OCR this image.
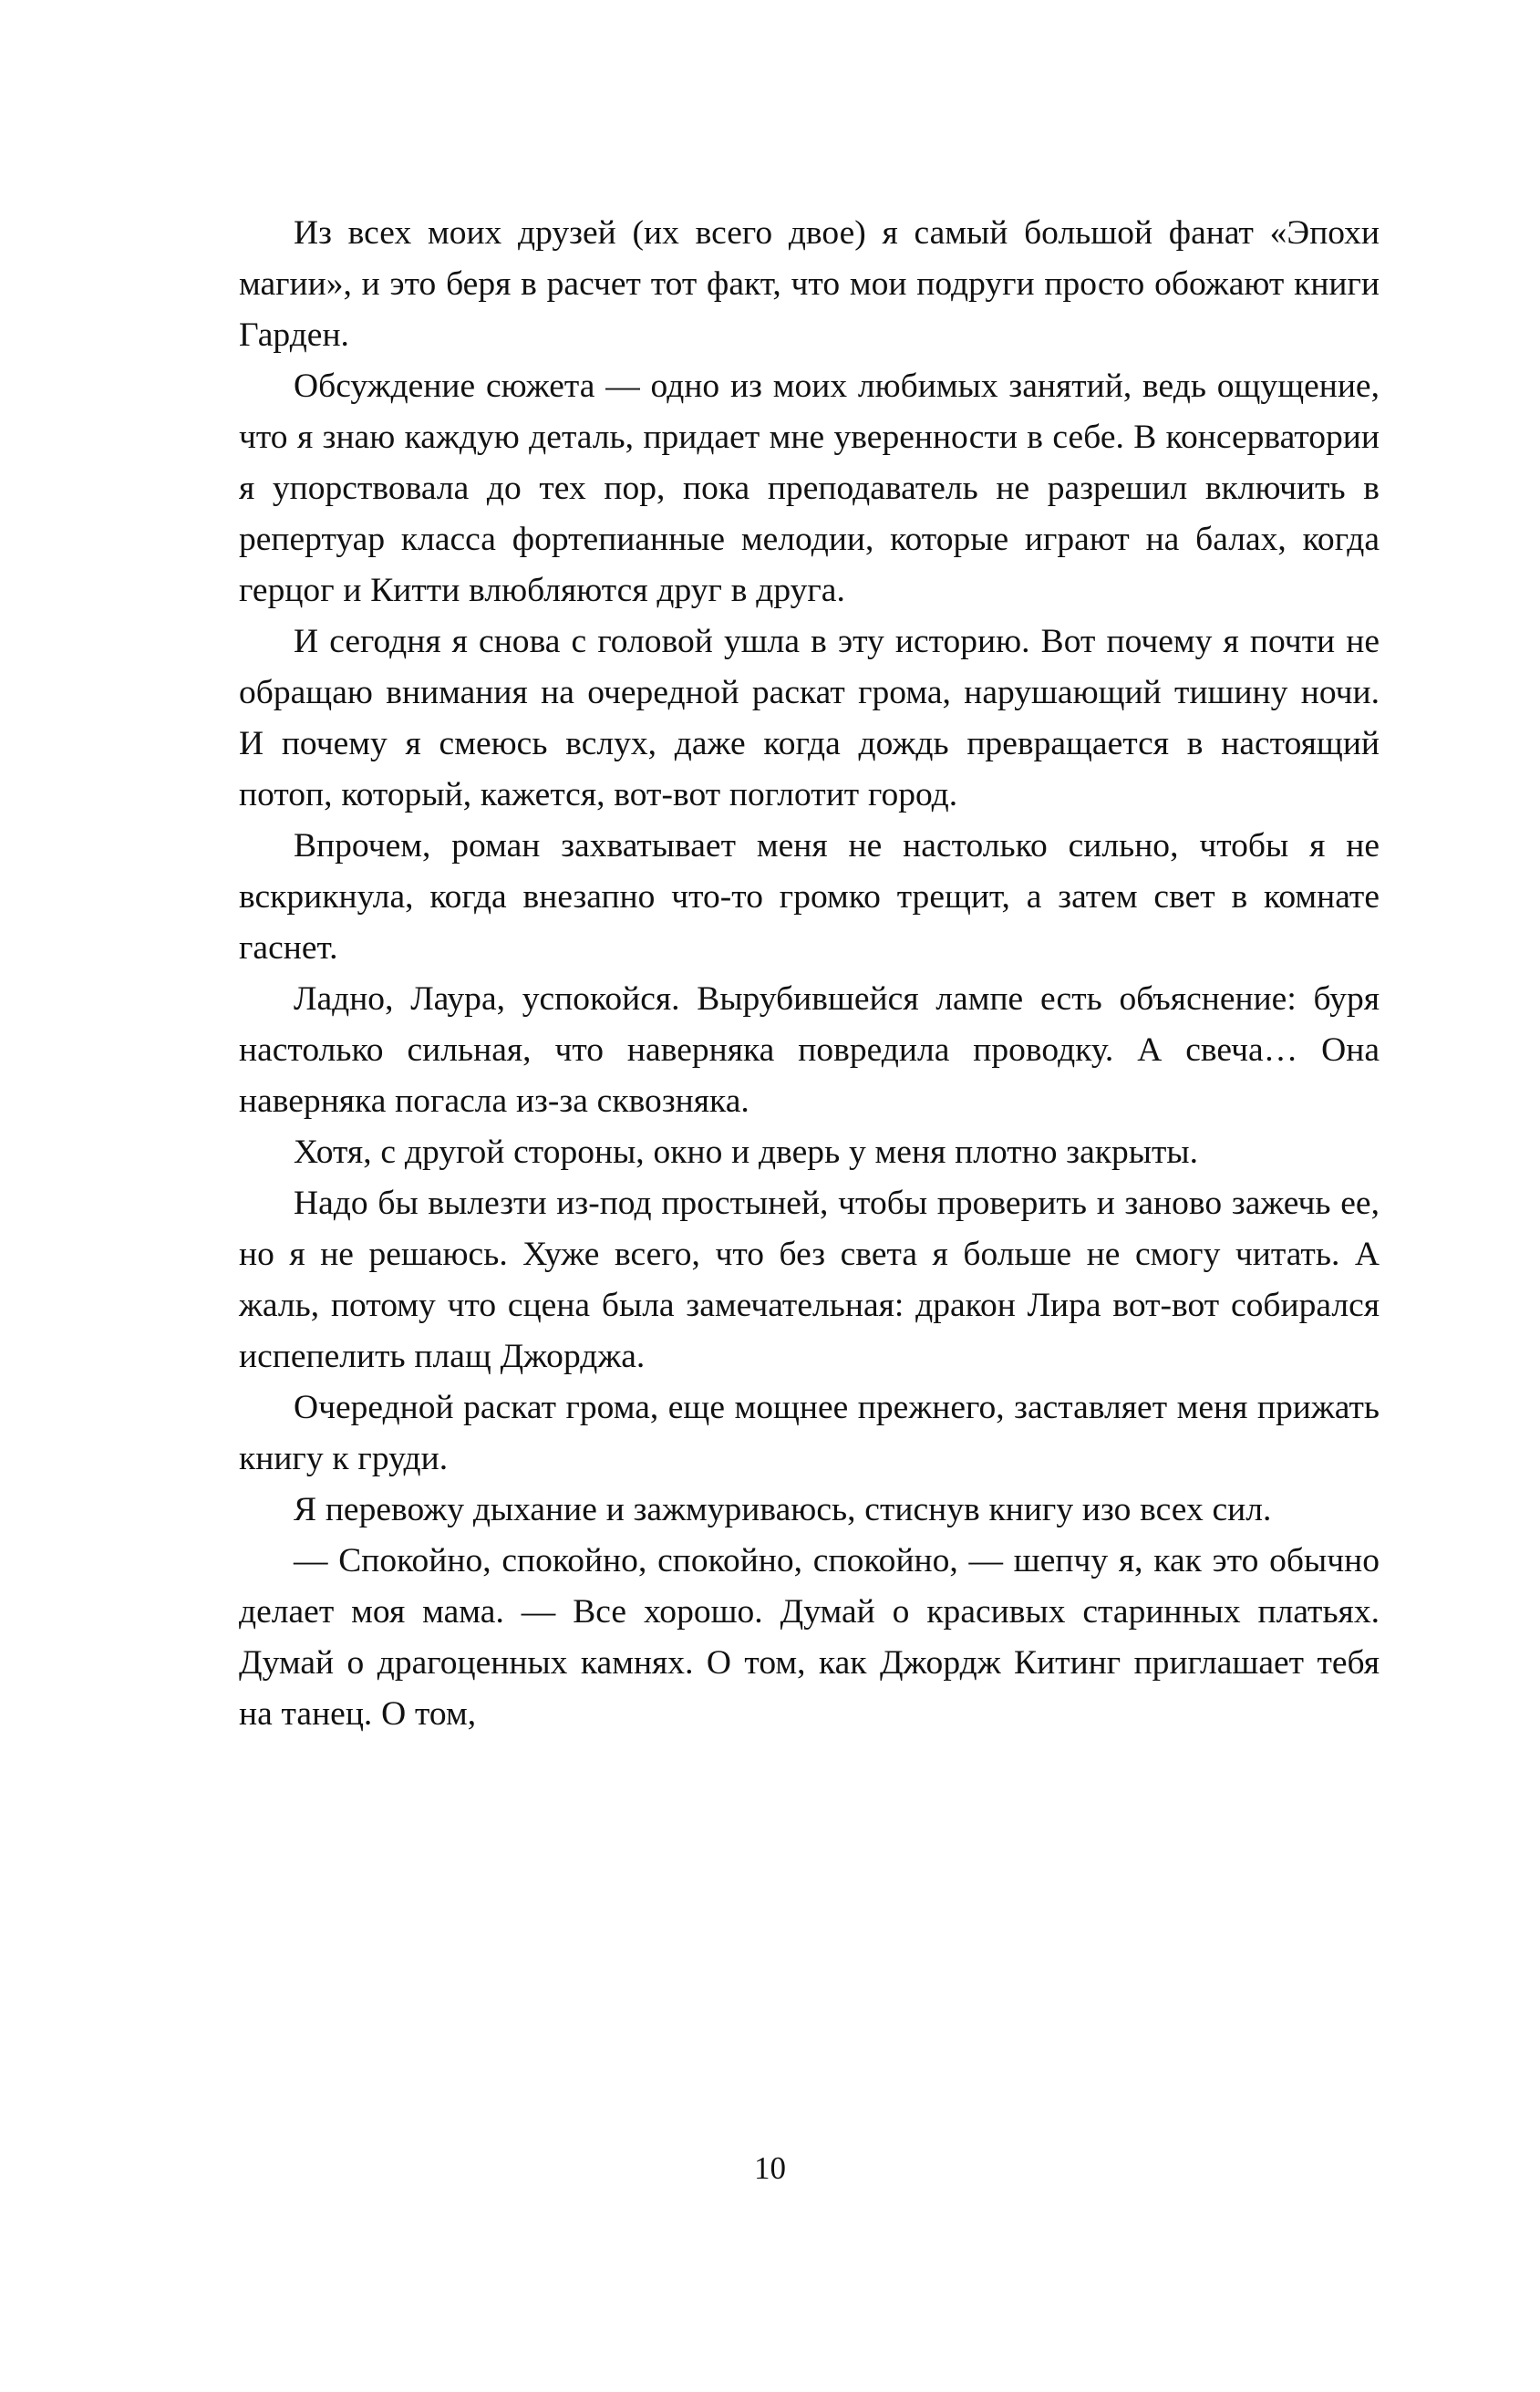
Из всех моих друзей (их всего двое) я самый большой фанат «Эпохи магии», и это беря в расчет тот факт, что мои подруги просто обожают книги Гарден.

Обсуждение сюжета — одно из моих любимых занятий, ведь ощущение, что я знаю каждую деталь, придает мне уверенности в себе. В консерватории я упорствовала до тех пор, пока преподаватель не разрешил включить в репертуар класса фортепианные мелодии, которые играют на балах, когда герцог и Китти влюбляются друг в друга.

И сегодня я снова с головой ушла в эту историю. Вот почему я почти не обращаю внимания на очередной раскат грома, нарушающий тишину ночи. И почему я смеюсь вслух, даже когда дождь превращается в настоящий потоп, который, кажется, вот-вот поглотит город.

Впрочем, роман захватывает меня не настолько сильно, чтобы я не вскрикнула, когда внезапно что-то громко трещит, а затем свет в комнате гаснет.

Ладно, Лаура, успокойся. Вырубившейся лампе есть объяснение: буря настолько сильная, что наверняка повредила проводку. А свеча… Она наверняка погасла из-за сквозняка.

Хотя, с другой стороны, окно и дверь у меня плотно закрыты.

Надо бы вылезти из-под простыней, чтобы проверить и заново зажечь ее, но я не решаюсь. Хуже всего, что без света я больше не смогу читать. А жаль, потому что сцена была замечательная: дракон Лира вот-вот собирался испепелить плащ Джорджа.

Очередной раскат грома, еще мощнее прежнего, заставляет меня прижать книгу к груди.

Я перевожу дыхание и зажмуриваюсь, стиснув книгу изо всех сил.

— Спокойно, спокойно, спокойно, спокойно, — шепчу я, как это обычно делает моя мама. — Все хорошо. Думай о красивых старинных платьях. Думай о драгоценных камнях. О том, как Джордж Китинг приглашает тебя на танец. О том,

10
